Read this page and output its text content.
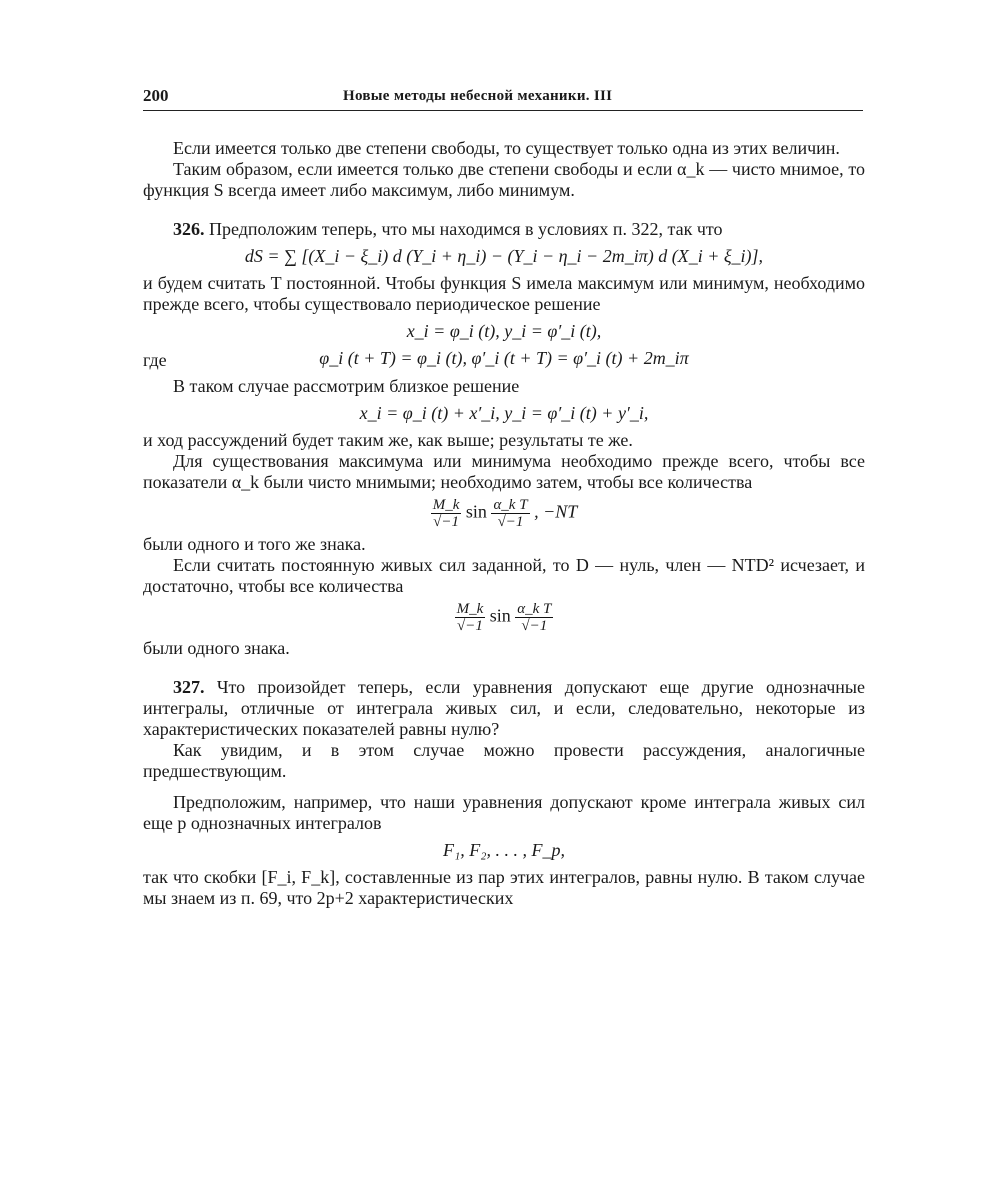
200	Новые методы небесной механики. III

Если имеется только две степени свободы, то существует только одна из этих величин.

Таким образом, если имеется только две степени свободы и если α_k — чисто мнимое, то функция S всегда имеет либо максимум, либо минимум.

326. Предположим теперь, что мы находимся в условиях п. 322, так что

dS = ∑ [(X_i − ξ_i) d (Y_i + η_i) − (Y_i − η_i − 2m_iπ) d (X_i + ξ_i)],

и будем считать T постоянной. Чтобы функция S имела максимум или минимум, необходимо прежде всего, чтобы существовало периодическое решение

x_i = φ_i (t), y_i = φ′_i (t),
где	φ_i (t + T) = φ_i (t), φ′_i (t + T) = φ′_i (t) + 2m_iπ

В таком случае рассмотрим близкое решение

x_i = φ_i (t) + x′_i, y_i = φ′_i (t) + y′_i,

и ход рассуждений будет таким же, как выше; результаты те же.

Для существования максимума или минимума необходимо прежде всего, чтобы все показатели α_k были чисто мнимыми; необходимо затем, чтобы все количества

$\frac{M\_k}{√-1}$ $\sin \frac{\text{α\_k T}}{√-1}$ , −NT

были одного и того же знака.

Если считать постоянную живых сил заданной, то D — нуль, член — NTD² исчезает, и достаточно, чтобы все количества

$\frac{M\_k}{√-1}$ $\sin \frac{\text{α\_k T}}{√-1}$

были одного знака.

327. Что произойдет теперь, если уравнения допускают еще другие однозначные интегралы, отличные от интеграла живых сил, и если, следовательно, некоторые из характеристических показателей равны нулю?

Как увидим, и в этом случае можно провести рассуждения, аналогичные предшествующим.

Предположим, например, что наши уравнения допускают кроме интеграла живых сил еще p однозначных интегралов

F₁, F₂, . . . , F_p,

так что скобки [F_i, F_k], составленные из пар этих интегралов, равны нулю. В таком случае мы знаем из п. 69, что 2p+2 характеристических
